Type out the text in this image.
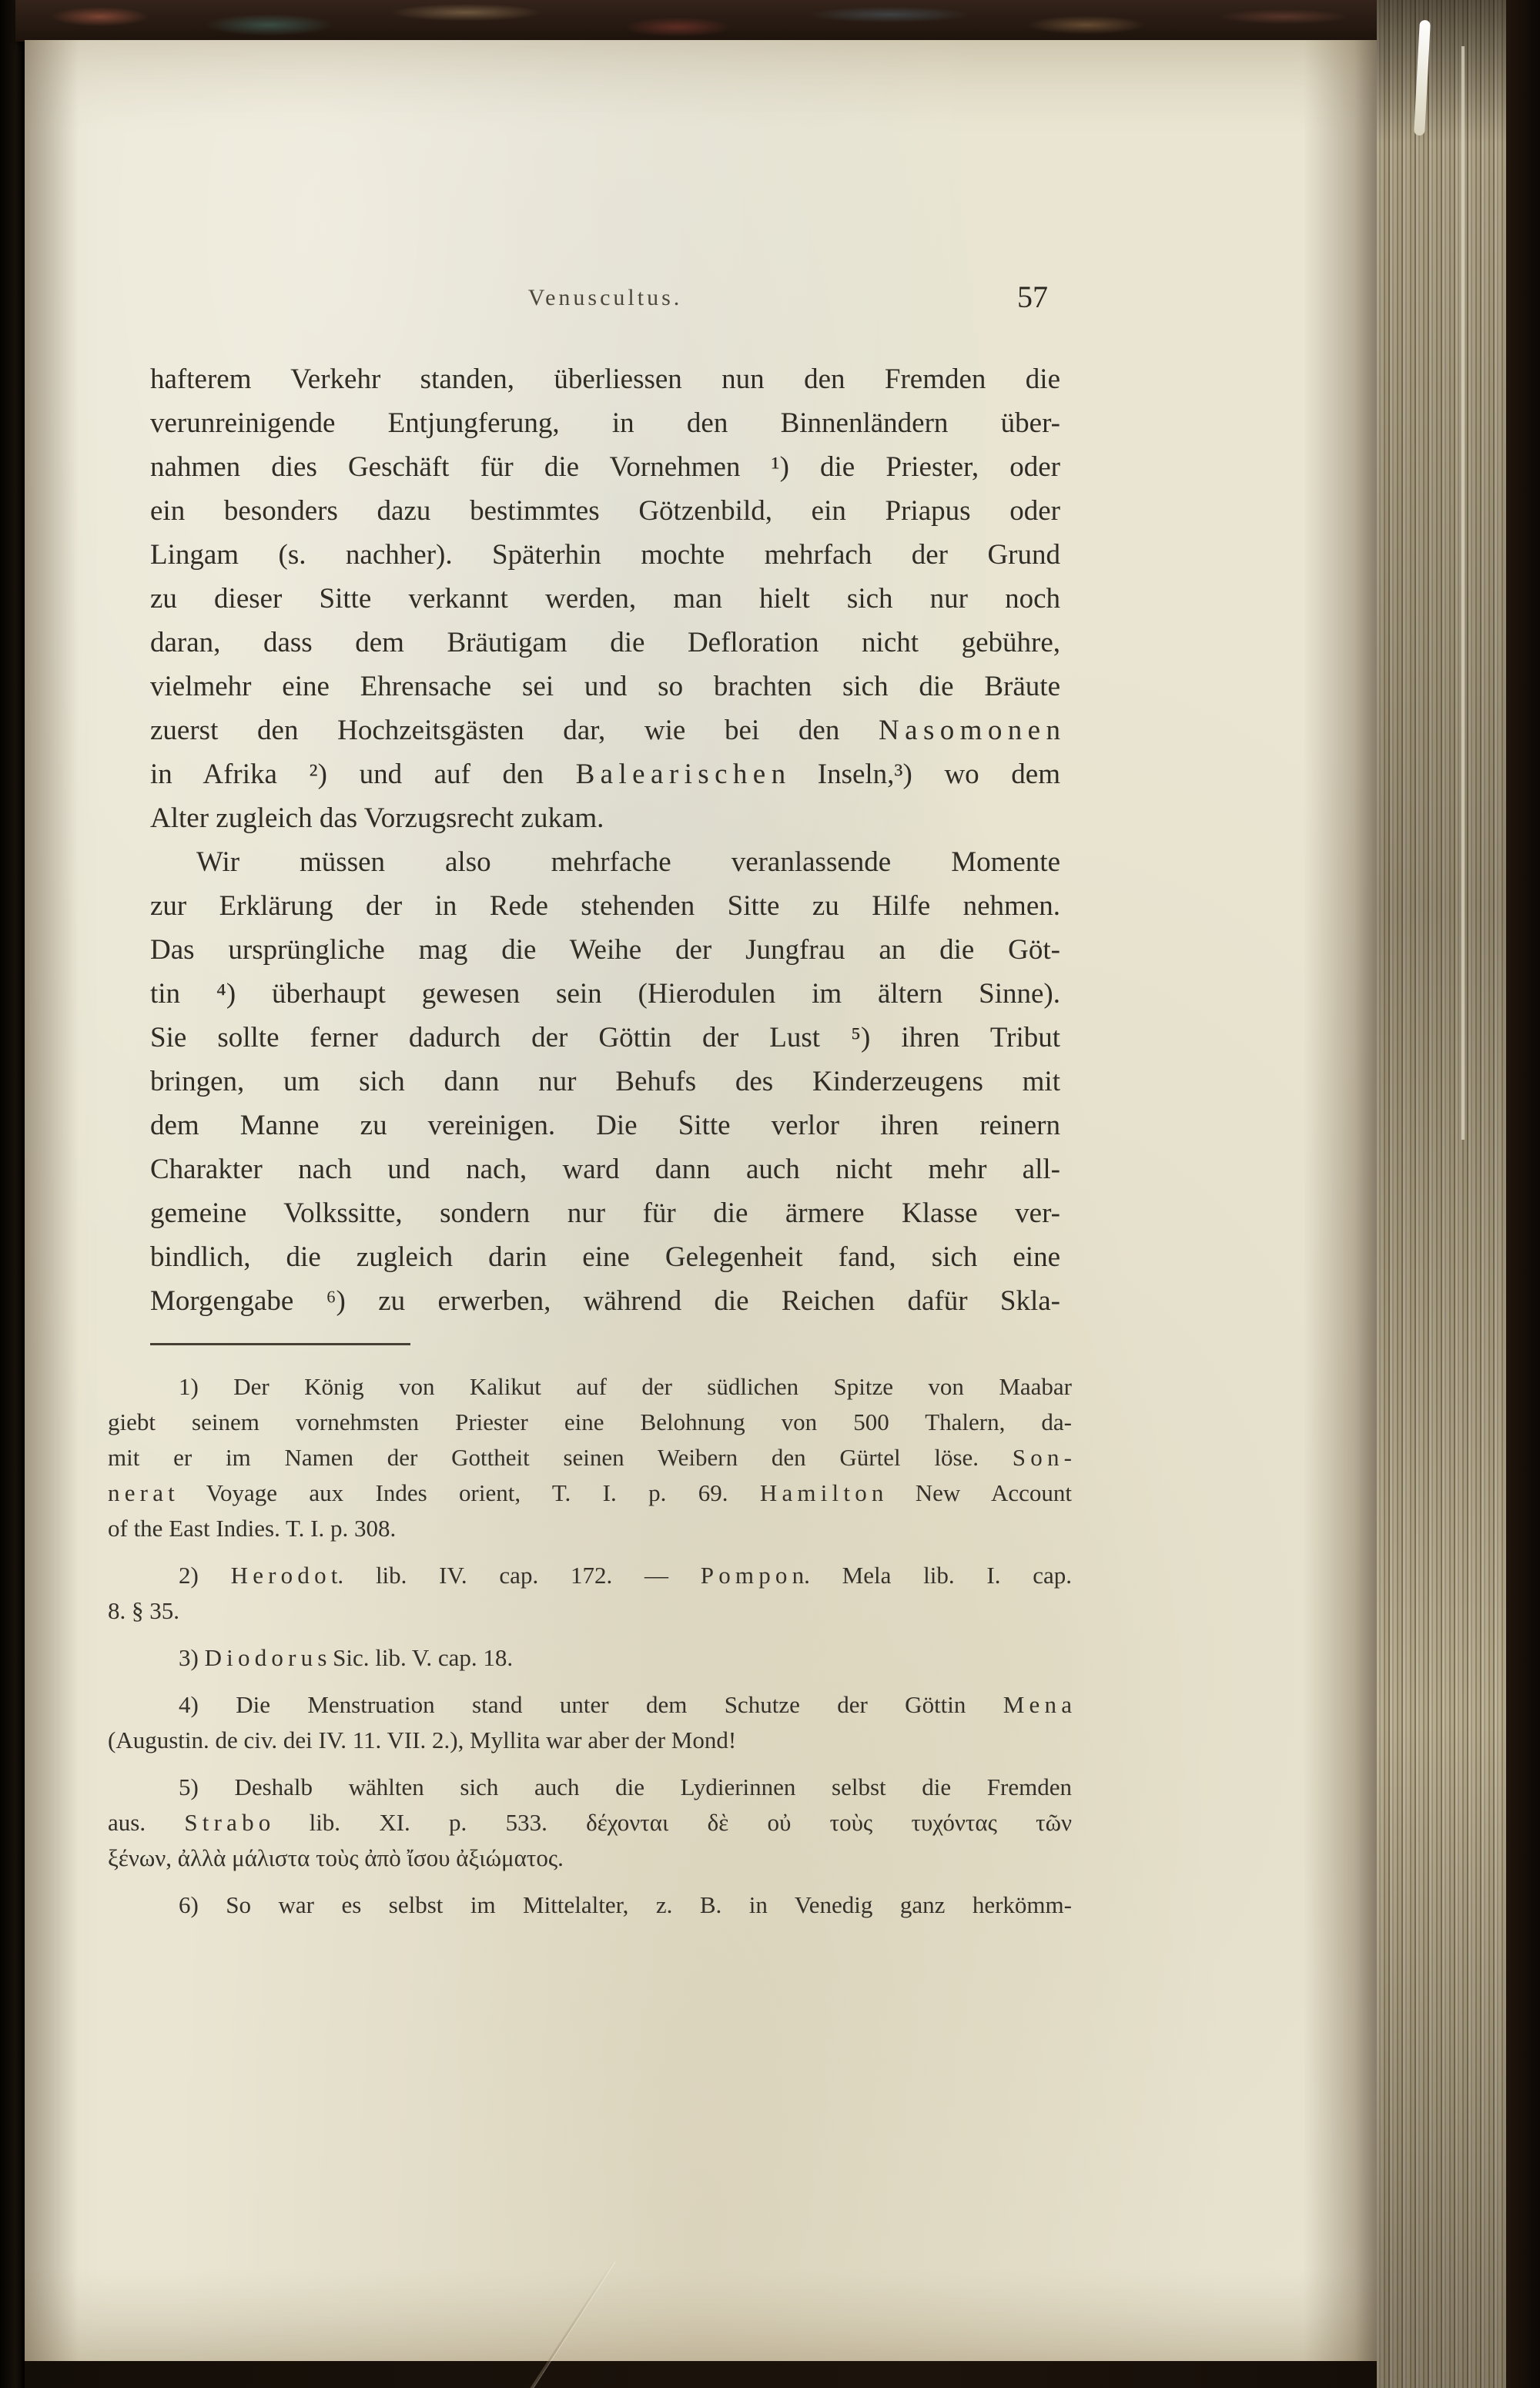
Venuscultus.	57
hafterem Verkehr standen, überliessen nun den Fremden die
verunreinigende Entjungferung, in den Binnenländern über-
nahmen dies Geschäft für die Vornehmen ¹) die Priester, oder
ein besonders dazu bestimmtes Götzenbild, ein Priapus oder
Lingam (s. nachher). Späterhin mochte mehrfach der Grund
zu dieser Sitte verkannt werden, man hielt sich nur noch
daran, dass dem Bräutigam die Defloration nicht gebühre,
vielmehr eine Ehrensache sei und so brachten sich die Bräute
zuerst den Hochzeitsgästen dar, wie bei den N a s o m o n e n
in Afrika ²) und auf den B a l e a r i s c h e n Inseln,³) wo dem
Alter zugleich das Vorzugsrecht zukam.
Wir müssen also mehrfache veranlassende Momente
zur Erklärung der in Rede stehenden Sitte zu Hilfe nehmen.
Das ursprüngliche mag die Weihe der Jungfrau an die Göt-
tin ⁴) überhaupt gewesen sein (Hierodulen im ältern Sinne).
Sie sollte ferner dadurch der Göttin der Lust ⁵) ihren Tribut
bringen, um sich dann nur Behufs des Kinderzeugens mit
dem Manne zu vereinigen. Die Sitte verlor ihren reinern
Charakter nach und nach, ward dann auch nicht mehr all-
gemeine Volkssitte, sondern nur für die ärmere Klasse ver-
bindlich, die zugleich darin eine Gelegenheit fand, sich eine
Morgengabe ⁶) zu erwerben, während die Reichen dafür Skla-
1) Der König von Kalikut auf der südlichen Spitze von Maabar
giebt seinem vornehmsten Priester eine Belohnung von 500 Thalern, da-
mit er im Namen der Gottheit seinen Weibern den Gürtel löse. S o n -
n e r a t Voyage aux Indes orient, T. I. p. 69. H a m i l t o n New Account
of the East Indies. T. I. p. 308.
2) H e r o d o t. lib. IV. cap. 172. — P o m p o n. Mela lib. I. cap.
8. § 35.
3) D i o d o r u s Sic. lib. V. cap. 18.
4) Die Menstruation stand unter dem Schutze der Göttin M e n a
(Augustin. de civ. dei IV. 11. VII. 2.), Myllita war aber der Mond!
5) Deshalb wählten sich auch die Lydierinnen selbst die Fremden
aus. S t r a b o lib. XI. p. 533. δέχονται δὲ οὐ τοὺς τυχόντας τῶν
ξένων, ἀλλὰ μάλιστα τοὺς ἀπὸ ἴσου ἀξιώματος.
6) So war es selbst im Mittelalter, z. B. in Venedig ganz herkömm-
